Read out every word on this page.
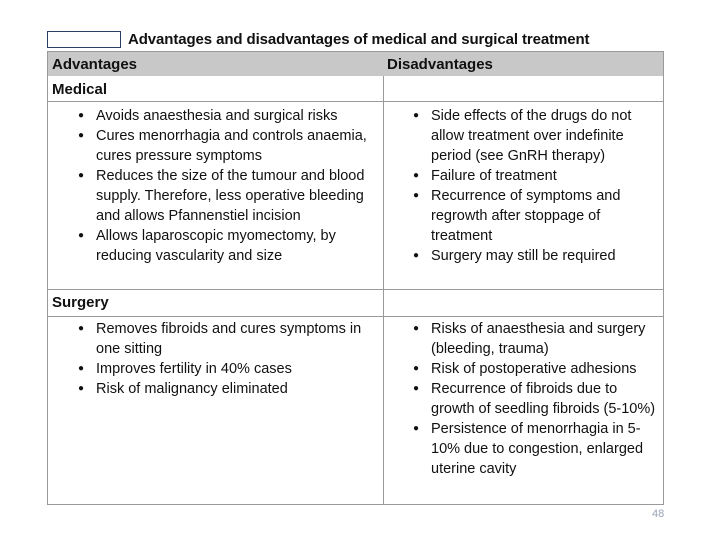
Advantages and disadvantages of medical and surgical treatment
Advantages	Disadvantages
Medical
● Avoids anaesthesia and surgical risks
● Cures menorrhagia and controls anaemia, cures pressure symptoms
● Reduces the size of the tumour and blood supply. Therefore, less operative bleeding and allows Pfannenstiel incision
● Allows laparoscopic myomectomy, by reducing vascularity and size
● Side effects of the drugs do not allow treatment over indefinite period (see GnRH therapy)
● Failure of treatment
● Recurrence of symptoms and regrowth after stoppage of treatment
● Surgery may still be required
Surgery
● Removes fibroids and cures symptoms in one sitting
● Improves fertility in 40% cases
● Risk of malignancy eliminated
● Risks of anaesthesia and surgery (bleeding, trauma)
● Risk of postoperative adhesions
● Recurrence of fibroids due to growth of seedling fibroids (5-10%)
● Persistence of menorrhagia in 5-10% due to congestion, enlarged uterine cavity
48
